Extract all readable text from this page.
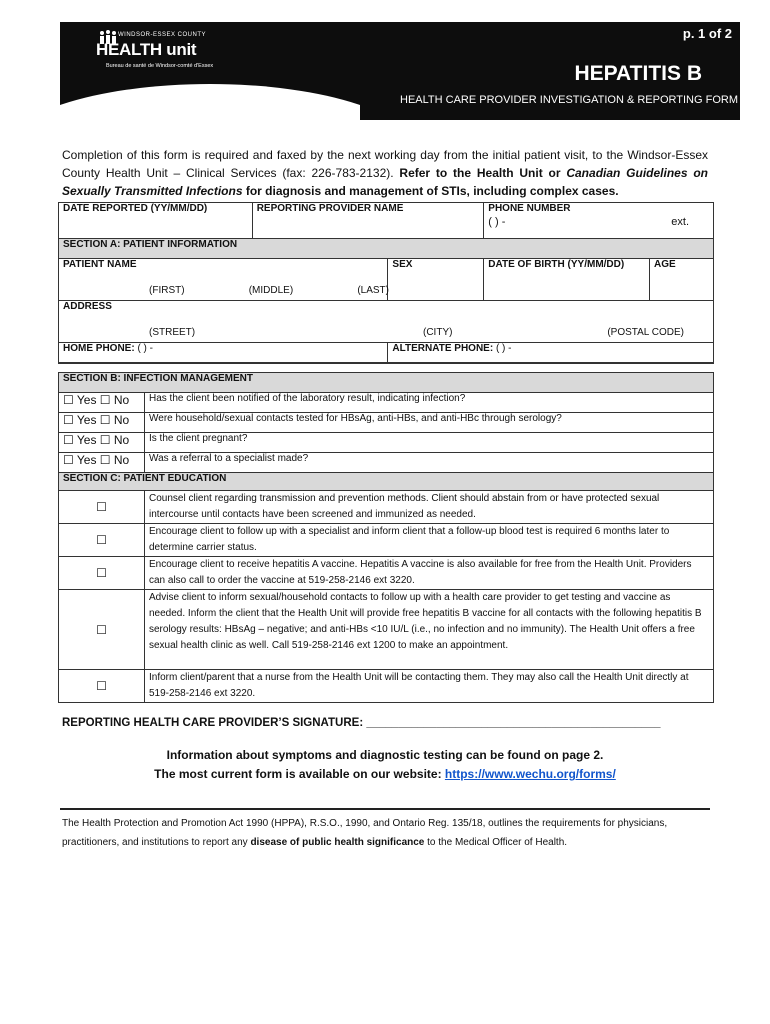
p. 1 of 2
WINDSOR-ESSEX COUNTY
HEALTH unit
Bureau de santé de Windsor-comté d'Essex	HEPATITIS B
HEALTH CARE PROVIDER INVESTIGATION & REPORTING FORM
Completion of this form is required and faxed by the next working day from the initial patient visit, to the Windsor-Essex County Health Unit – Clinical Services (fax: 226-783-2132). Refer to the Health Unit or Canadian Guidelines on Sexually Transmitted Infections for diagnosis and management of STIs, including complex cases.
DATE REPORTED (YY/MM/DD)	REPORTING PROVIDER NAME		PHONE NUMBER
( ) - ext.	

SECTION A: PATIENT INFORMATION				

PATIENT NAME
(FIRST) (MIDDLE) (LAST)		SEX	DATE OF BIRTH (YY/MM/DD)	AGE

ADDRESS
(STREET) (CITY) (POSTAL CODE)				

HOME PHONE: ( ) -		ALTERNATE PHONE: ( ) -		
SECTION B: INFECTION MANAGEMENT	
☐ Yes ☐ No	Has the client been notified of the laboratory result, indicating infection?
☐ Yes ☐ No	Were household/sexual contacts tested for HBsAg, anti-HBs, and anti-HBc through serology?
☐ Yes ☐ No	Is the client pregnant?
☐ Yes ☐ No	Was a referral to a specialist made?
SECTION C: PATIENT EDUCATION	
☐	Counsel client regarding transmission and prevention methods. Client should abstain from or have protected sexual intercourse until contacts have been screened and immunized as needed.
☐	Encourage client to follow up with a specialist and inform client that a follow-up blood test is required 6 months later to determine carrier status.
☐	Encourage client to receive hepatitis A vaccine. Hepatitis A vaccine is also available for free from the Health Unit. Providers can also call to order the vaccine at 519-258-2146 ext 3220.
☐	Advise client to inform sexual/household contacts to follow up with a health care provider to get testing and vaccine as needed. Inform the client that the Health Unit will provide free hepatitis B vaccine for all contacts with the following hepatitis B serology results: HBsAg – negative; and anti-HBs <10 IU/L (i.e., no infection and no immunity). The Health Unit offers a free sexual health clinic as well. Call 519-258-2146 ext 1200 to make an appointment.
☐	Inform client/parent that a nurse from the Health Unit will be contacting them. They may also call the Health Unit directly at 519-258-2146 ext 3220.
REPORTING HEALTH CARE PROVIDER’S SIGNATURE: ______________________________________________
Information about symptoms and diagnostic testing can be found on page 2.
The most current form is available on our website: https://www.wechu.org/forms/
The Health Protection and Promotion Act 1990 (HPPA), R.S.O., 1990, and Ontario Reg. 135/18, outlines the requirements for physicians, practitioners, and institutions to report any disease of public health significance to the Medical Officer of Health.
